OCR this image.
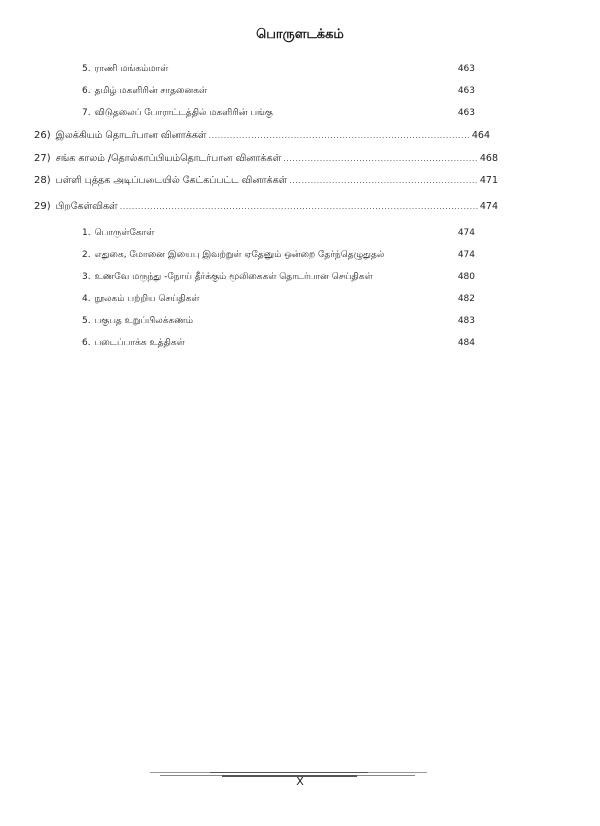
பொருளடக்கம்
5. ராணி மங்கம்மாள்	463
6. தமிழ் மகளிரின் சாதனைகள்	463
7. விடுதலைப் போராட்டத்தில் மகளிரின் பங்கு	463
26) இலக்கியம் தொடர்பான வினாக்கள் .....	464
27) சங்க காலம் /தொல்காப்பியம்தொடர்பான வினாக்கள் .....	468
28) பள்ளி புத்தக அடிப்படையில் கேட்கப்பட்ட வினாக்கள் .....	471
29) பிறகேள்விகள் .....	474
1. பொருள்கோள்	474
2. எதுகை, மோனை இயைபு இவற்றுள் ஏதேனும் ஒன்றை தேர்ந்தெழுதுதல்	474
3. உணவே மருந்து -நோய் தீர்க்கும் மூலிகைகள் தொடர்பான செய்திகள்	480
4. நூலகம் பற்றிய செய்திகள்	482
5. பகுபத உறுப்பிலக்கணம்	483
6. படைப்பாக்க உத்திகள்	484
X
